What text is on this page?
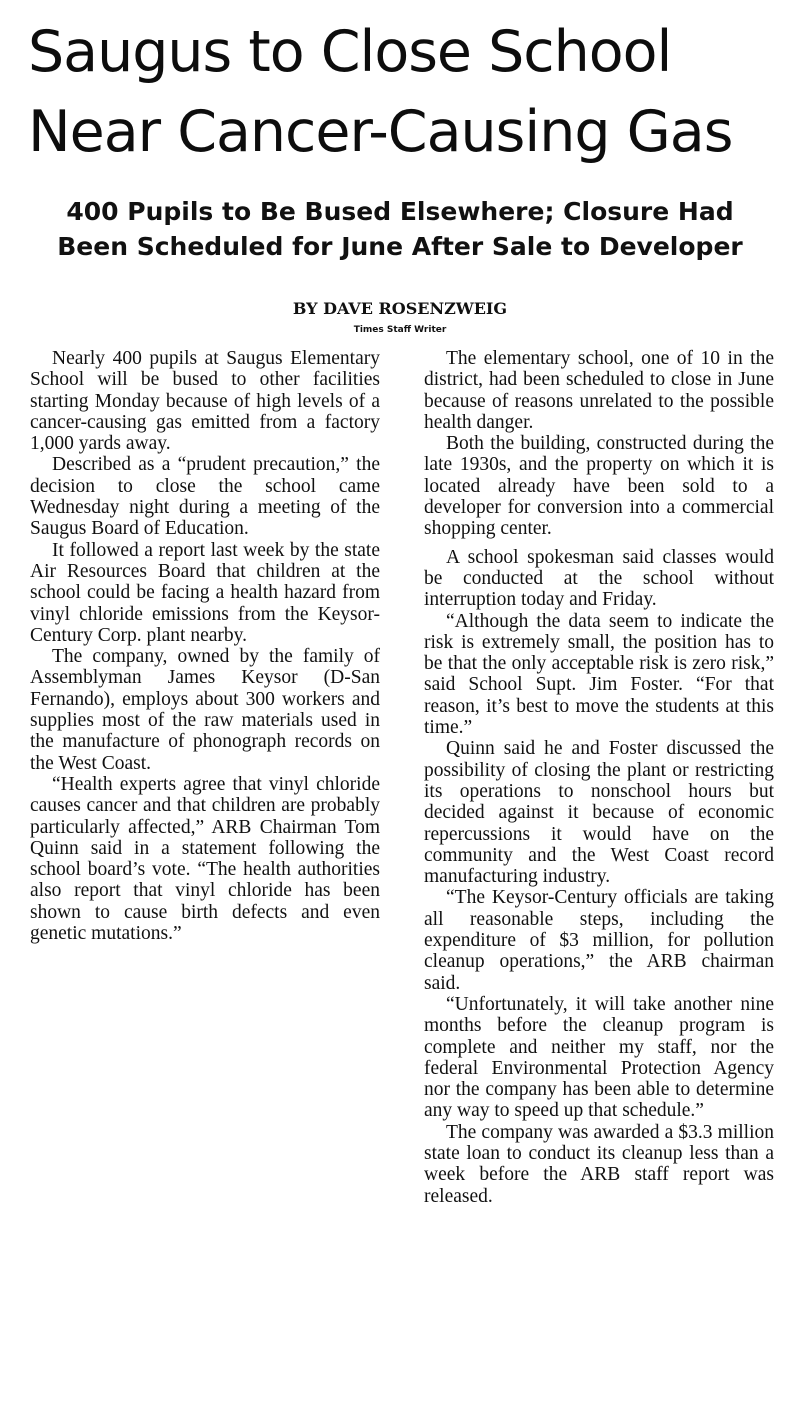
Saugus to Close School
Near Cancer-Causing Gas
400 Pupils to Be Bused Elsewhere; Closure Had
Been Scheduled for June After Sale to Developer
BY DAVE ROSENZWEIG
Times Staff Writer

Nearly 400 pupils at Saugus Elementary School will be bused to other facilities starting Monday because of high levels of a cancer-causing gas emitted from a factory 1,000 yards away.

Described as a “prudent precaution,” the decision to close the school came Wednesday night during a meeting of the Saugus Board of Education.

It followed a report last week by the state Air Resources Board that children at the school could be facing a health hazard from vinyl chloride emissions from the Keysor-Century Corp. plant nearby.

The company, owned by the family of Assemblyman James Keysor (D-San Fernando), employs about 300 workers and supplies most of the raw materials used in the manufacture of phonograph records on the West Coast.

“Health experts agree that vinyl chloride causes cancer and that children are probably particularly affected,” ARB Chairman Tom Quinn said in a statement following the school board’s vote. “The health authorities also report that vinyl chloride has been shown to cause birth defects and even genetic mutations.”

The elementary school, one of 10 in the district, had been scheduled to close in June because of reasons unrelated to the possible health danger.

Both the building, constructed during the late 1930s, and the property on which it is located already have been sold to a developer for conversion into a commercial shopping center.

A school spokesman said classes would be conducted at the school without interruption today and Friday.

“Although the data seem to indicate the risk is extremely small, the position has to be that the only acceptable risk is zero risk,” said School Supt. Jim Foster. “For that reason, it’s best to move the students at this time.”

Quinn said he and Foster discussed the possibility of closing the plant or restricting its operations to nonschool hours but decided against it because of economic repercussions it would have on the community and the West Coast record manufacturing industry.

“The Keysor-Century officials are taking all reasonable steps, including the expenditure of $3 million, for pollution cleanup operations,” the ARB chairman said.

“Unfortunately, it will take another nine months before the cleanup program is complete and neither my staff, nor the federal Environmental Protection Agency nor the company has been able to determine any way to speed up that schedule.”

The company was awarded a $3.3 million state loan to conduct its cleanup less than a week before the ARB staff report was released.
